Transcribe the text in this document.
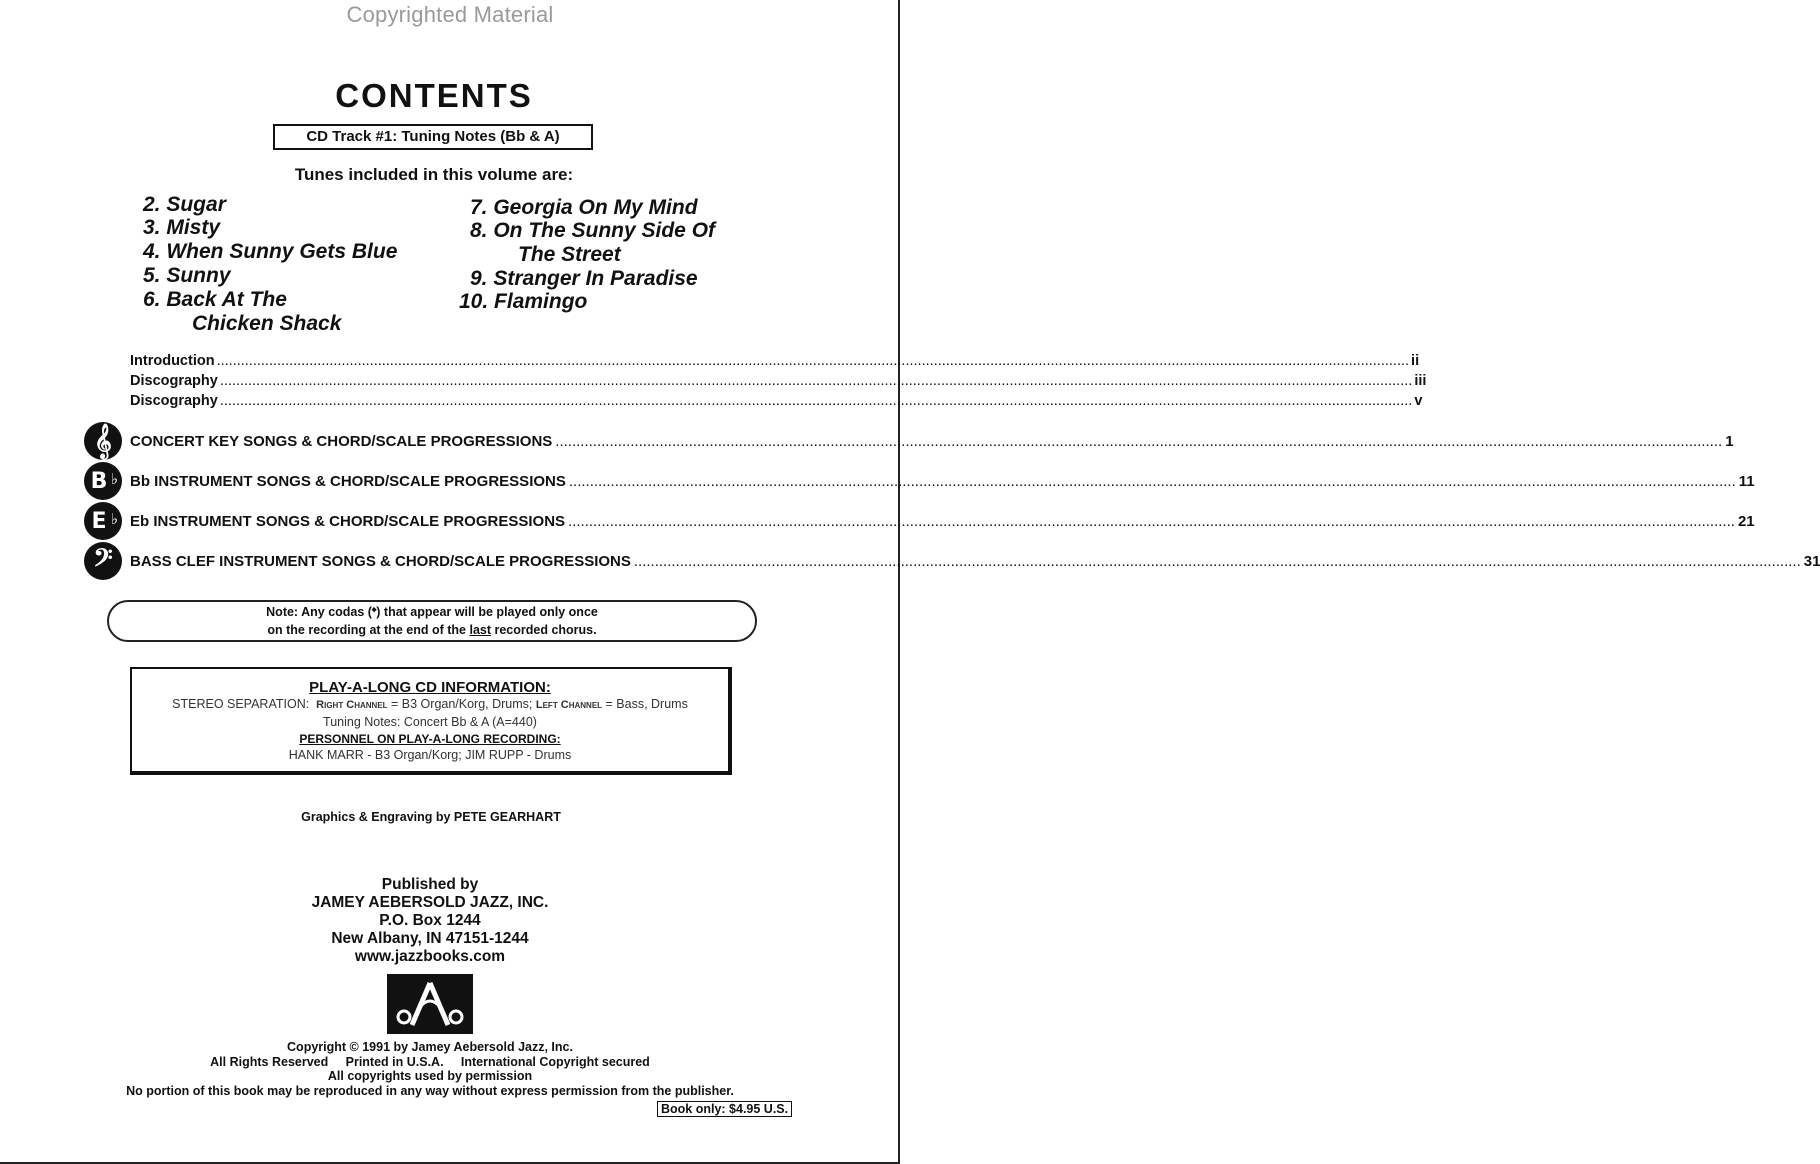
Copyrighted Material
CONTENTS
CD Track #1: Tuning Notes (Bb & A)
Tunes included in this volume are:
2. Sugar
3. Misty
4. When Sunny Gets Blue
5. Sunny
6. Back At The
Chicken Shack
7. Georgia On My Mind
8. On The Sunny Side Of
The Street
9. Stranger In Paradise
10. Flamingo
Introduction .....	ii
Discography .....	iii
Discography .....	v
𝄞 CONCERT KEY SONGS & CHORD/SCALE PROGRESSIONS .....	1
B ♭ Bb INSTRUMENT SONGS & CHORD/SCALE PROGRESSIONS .....	11
E ♭ Eb INSTRUMENT SONGS & CHORD/SCALE PROGRESSIONS .....	21
𝄢 BASS CLEF INSTRUMENT SONGS & CHORD/SCALE PROGRESSIONS .....	31
Note: Any codas (𝄌) that appear will be played only once
on the recording at the end of the last recorded chorus.
PLAY-A-LONG CD INFORMATION:
STEREO SEPARATION: Right Channel = B3 Organ/Korg, Drums; Left Channel = Bass, Drums
Tuning Notes: Concert Bb & A (A=440)
PERSONNEL ON PLAY-A-LONG RECORDING:
HANK MARR - B3 Organ/Korg; JIM RUPP - Drums
Graphics & Engraving by PETE GEARHART
Published by
JAMEY AEBERSOLD JAZZ, INC.
P.O. Box 1244
New Albany, IN 47151-1244
www.jazzbooks.com
Copyright © 1991 by Jamey Aebersold Jazz, Inc.
All Rights Reserved     Printed in U.S.A.     International Copyright secured
All copyrights used by permission
No portion of this book may be reproduced in any way without express permission from the publisher.
Book only: $4.95 U.S.
